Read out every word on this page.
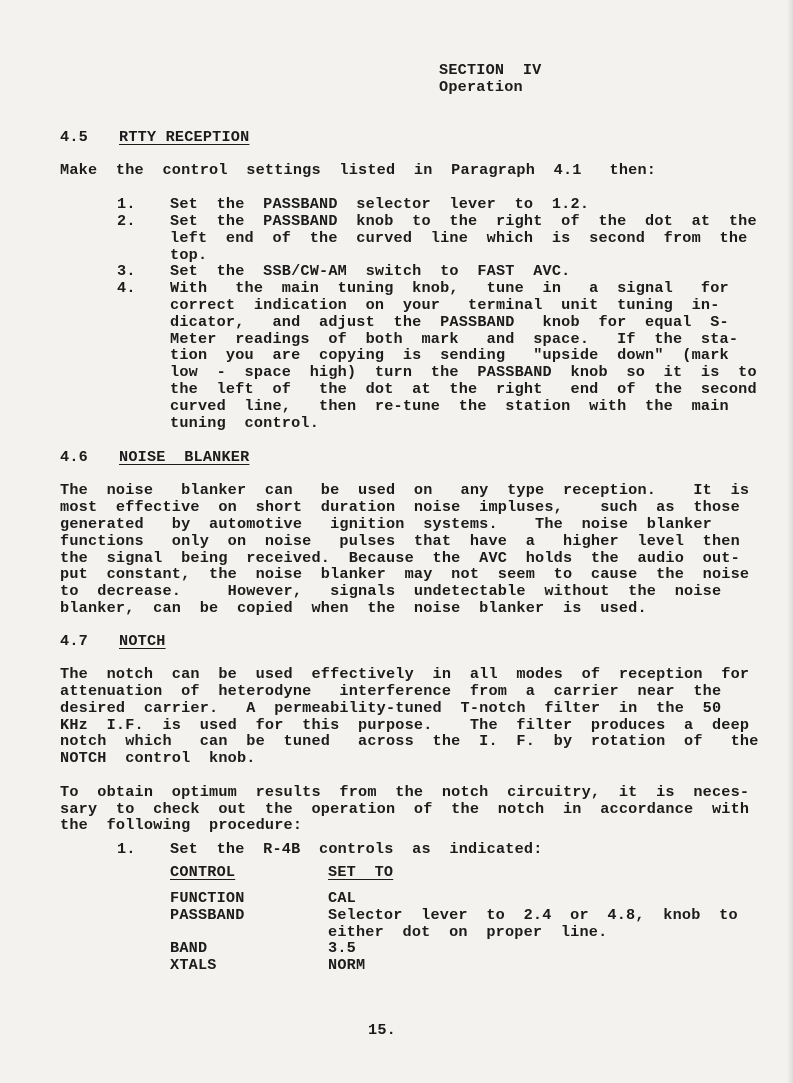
SECTION  IV
Operation
4.5 RTTY RECEPTION
Make  the  control  settings  listed  in  Paragraph  4.1   then:
1. Set  the  PASSBAND  selector  lever  to  1.2.
2. Set  the  PASSBAND  knob  to  the  right  of  the  dot  at  the
left  end  of  the  curved  line  which  is  second  from  the
top.
3. Set  the  SSB/CW-AM  switch  to  FAST  AVC.
4. With   the  main  tuning  knob,   tune  in   a  signal   for
correct  indication  on  your   terminal  unit  tuning  in-
dicator,   and  adjust  the  PASSBAND   knob  for  equal  S-
Meter  readings  of  both  mark   and  space.   If  the  sta-
tion  you  are  copying  is  sending   "upside  down"  (mark
low  -  space  high)  turn  the  PASSBAND  knob  so  it  is  to
the  left  of   the  dot  at  the  right   end  of  the  second
curved  line,   then  re-tune  the  station  with  the  main
tuning  control.
4.6 NOISE  BLANKER
The  noise   blanker  can   be  used  on   any  type  reception.    It  is
most  effective  on  short  duration  noise  impluses,    such  as  those
generated   by  automotive   ignition  systems.    The  noise  blanker
functions   only  on  noise   pulses  that  have  a   higher  level  then
the  signal  being  received.  Because  the  AVC  holds  the  audio  out-
put  constant,  the  noise  blanker  may  not  seem  to  cause  the  noise
to  decrease.     However,   signals  undetectable  without  the  noise
blanker,  can  be  copied  when  the  noise  blanker  is  used.
4.7 NOTCH
The  notch  can  be  used  effectively  in  all  modes  of  reception  for
attenuation  of  heterodyne   interference  from  a  carrier  near  the
desired  carrier.   A  permeability-tuned  T-notch  filter  in  the  50
KHz  I.F.  is  used  for  this  purpose.    The  filter  produces  a  deep
notch  which   can  be  tuned   across  the  I.  F.  by  rotation  of   the
NOTCH  control  knob.
To  obtain  optimum  results  from  the  notch  circuitry,  it  is  neces-
sary  to  check  out  the  operation  of  the  notch  in  accordance  with
the  following  procedure:
1. Set  the  R-4B  controls  as  indicated:
CONTROL	SET  TO
FUNCTION	CAL
PASSBAND	Selector  lever  to  2.4  or  4.8,  knob  to
either  dot  on  proper  line.
BAND	3.5
XTALS	NORM
15.
